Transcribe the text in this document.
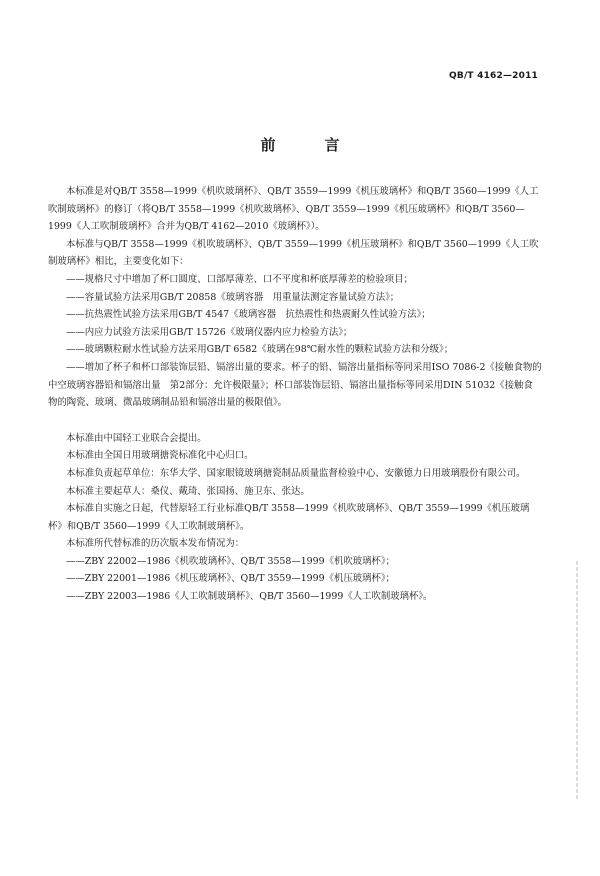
QB/T 4162—2011
前　言

本标准是对QB/T 3558—1999《机吹玻璃杯》、QB/T 3559—1999《机压玻璃杯》和QB/T 3560—1999《人工吹制玻璃杯》的修订（将QB/T 3558—1999《机吹玻璃杯》、QB/T 3559—1999《机压玻璃杯》和QB/T 3560—1999《人工吹制玻璃杯》合并为QB/T 4162—2010《玻璃杯》）。

本标准与QB/T 3558—1999《机吹玻璃杯》、QB/T 3559—1999《机压玻璃杯》和QB/T 3560—1999《人工吹制玻璃杯》相比，主要变化如下：

——规格尺寸中增加了杯口圆度、口部厚薄差、口不平度和杯底厚薄差的检验项目；

——容量试验方法采用GB/T 20858《玻璃容器　用重量法测定容量试验方法》；

——抗热震性试验方法采用GB/T 4547《玻璃容器　抗热震性和热震耐久性试验方法》；

——内应力试验方法采用GB/T 15726《玻璃仪器内应力检验方法》；

——玻璃颗粒耐水性试验方法采用GB/T 6582《玻璃在98℃耐水性的颗粒试验方法和分级》；

——增加了杯子和杯口部装饰层铅、镉溶出量的要求。杯子的铅、镉溶出量指标等同采用ISO 7086-2《接触食物的中空玻璃容器铅和镉溶出量　第2部分：允许极限量》；杯口部装饰层铅、镉溶出量指标等同采用DIN 51032《接触食物的陶瓷、玻璃、微晶玻璃制品铅和镉溶出量的极限值》。

本标准由中国轻工业联合会提出。

本标准由全国日用玻璃搪瓷标准化中心归口。

本标准负责起草单位：东华大学、国家眼镜玻璃搪瓷制品质量监督检验中心、安徽德力日用玻璃股份有限公司。

本标准主要起草人：桑仪、戴琦、张国扬、施卫东、张达。

本标准自实施之日起，代替原轻工行业标准QB/T 3558—1999《机吹玻璃杯》、QB/T 3559—1999《机压玻璃杯》和QB/T 3560—1999《人工吹制玻璃杯》。

本标准所代替标准的历次版本发布情况为：

——ZBY 22002—1986《机吹玻璃杯》、QB/T 3558—1999《机吹玻璃杯》；

——ZBY 22001—1986《机压玻璃杯》、QB/T 3559—1999《机压玻璃杯》；

——ZBY 22003—1986《人工吹制玻璃杯》、QB/T 3560—1999《人工吹制玻璃杯》。
